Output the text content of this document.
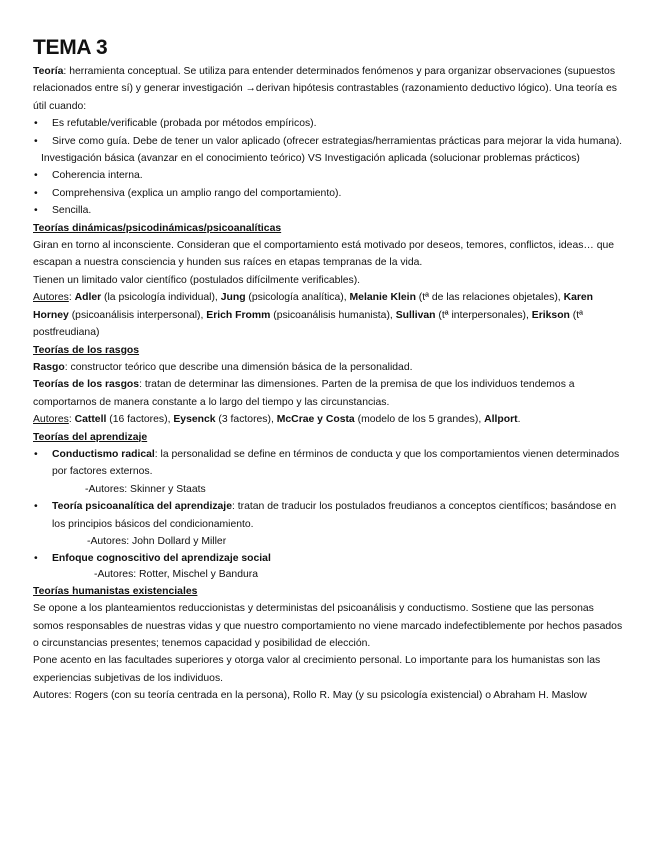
TEMA 3

Teoría: herramienta conceptual. Se utiliza para entender determinados fenómenos y para organizar observaciones (supuestos relacionados entre sí) y generar investigación →derivan hipótesis contrastables (razonamiento deductivo lógico). Una teoría es útil cuando:

• Es refutable/verificable (probada por métodos empíricos).
• Sirve como guía. Debe de tener un valor aplicado (ofrecer estrategias/herramientas prácticas para mejorar la vida humana).

Investigación básica (avanzar en el conocimiento teórico) VS Investigación aplicada (solucionar problemas prácticos)

• Coherencia interna.
• Comprehensiva (explica un amplio rango del comportamiento).
• Sencilla.

Teorías dinámicas/psicodinámicas/psicoanalíticas

Giran en torno al inconsciente. Consideran que el comportamiento está motivado por deseos, temores, conflictos, ideas… que escapan a nuestra consciencia y hunden sus raíces en etapas tempranas de la vida.

Tienen un limitado valor científico (postulados difícilmente verificables).

Autores: Adler (la psicología individual), Jung (psicología analítica), Melanie Klein (tª de las relaciones objetales), Karen Horney (psicoanálisis interpersonal), Erich Fromm (psicoanálisis humanista), Sullivan (tª interpersonales), Erikson (tª postfreudiana)

Teorías de los rasgos

Rasgo: constructor teórico que describe una dimensión básica de la personalidad.

Teorías de los rasgos: tratan de determinar las dimensiones. Parten de la premisa de que los individuos tendemos a comportarnos de manera constante a lo largo del tiempo y las circunstancias.

Autores: Cattell (16 factores), Eysenck (3 factores), McCrae y Costa (modelo de los 5 grandes), Allport.

Teorías del aprendizaje

• Conductismo radical: la personalidad se define en términos de conducta y que los comportamientos vienen determinados por factores externos.
-Autores: Skinner y Staats
• Teoría psicoanalítica del aprendizaje: tratan de traducir los postulados freudianos a conceptos científicos; basándose en los principios básicos del condicionamiento.
-Autores: John Dollard y Miller
• Enfoque cognoscitivo del aprendizaje social
-Autores: Rotter, Mischel y Bandura

Teorías humanistas existenciales

Se opone a los planteamientos reduccionistas y deterministas del psicoanálisis y conductismo. Sostiene que las personas somos responsables de nuestras vidas y que nuestro comportamiento no viene marcado indefectiblemente por hechos pasados o circunstancias presentes; tenemos capacidad y posibilidad de elección.

Pone acento en las facultades superiores y otorga valor al crecimiento personal. Lo importante para los humanistas son las experiencias subjetivas de los individuos.

Autores: Rogers (con su teoría centrada en la persona), Rollo R. May (y su psicología existencial) o Abraham H. Maslow
